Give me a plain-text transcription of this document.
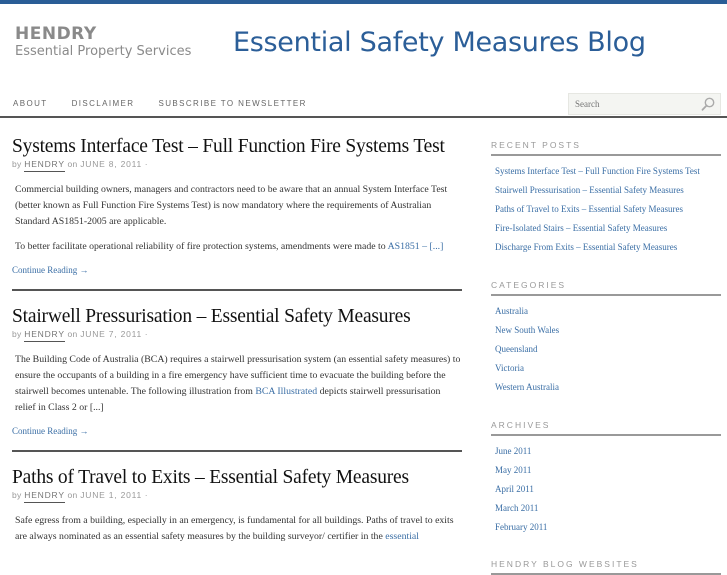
HENDRY
Essential Property Services Essential Safety Measures Blog
ABOUT	DISCLAIMER	SUBSCRIBE TO NEWSLETTER
Search
Systems Interface Test – Full Function Fire Systems Test
by HENDRY on JUNE 8, 2011 ·

Commercial building owners, managers and contractors need to be aware that an annual System Interface Test (better known as Full Function Fire Systems Test) is now mandatory where the requirements of Australian Standard AS1851-2005 are applicable.

To better facilitate operational reliability of fire protection systems, amendments were made to AS1851 – [...]

Continue Reading →
Stairwell Pressurisation – Essential Safety Measures
by HENDRY on JUNE 7, 2011 ·

The Building Code of Australia (BCA) requires a stairwell pressurisation system (an essential safety measures) to ensure the occupants of a building in a fire emergency have sufficient time to evacuate the building before the stairwell becomes untenable. The following illustration from BCA Illustrated depicts stairwell pressurisation relief in Class 2 or [...]

Continue Reading →
Paths of Travel to Exits – Essential Safety Measures
by HENDRY on JUNE 1, 2011 ·

Safe egress from a building, especially in an emergency, is fundamental for all buildings. Paths of travel to exits are always nominated as an essential safety measures by the building surveyor/ certifier in the essential

RECENT POSTS
Systems Interface Test – Full Function Fire Systems Test
Stairwell Pressurisation – Essential Safety Measures
Paths of Travel to Exits – Essential Safety Measures
Fire-Isolated Stairs – Essential Safety Measures
Discharge From Exits – Essential Safety Measures
CATEGORIES
Australia
New South Wales
Queensland
Victoria
Western Australia
ARCHIVES
June 2011
May 2011
April 2011
March 2011
February 2011
HENDRY BLOG WEBSITES
